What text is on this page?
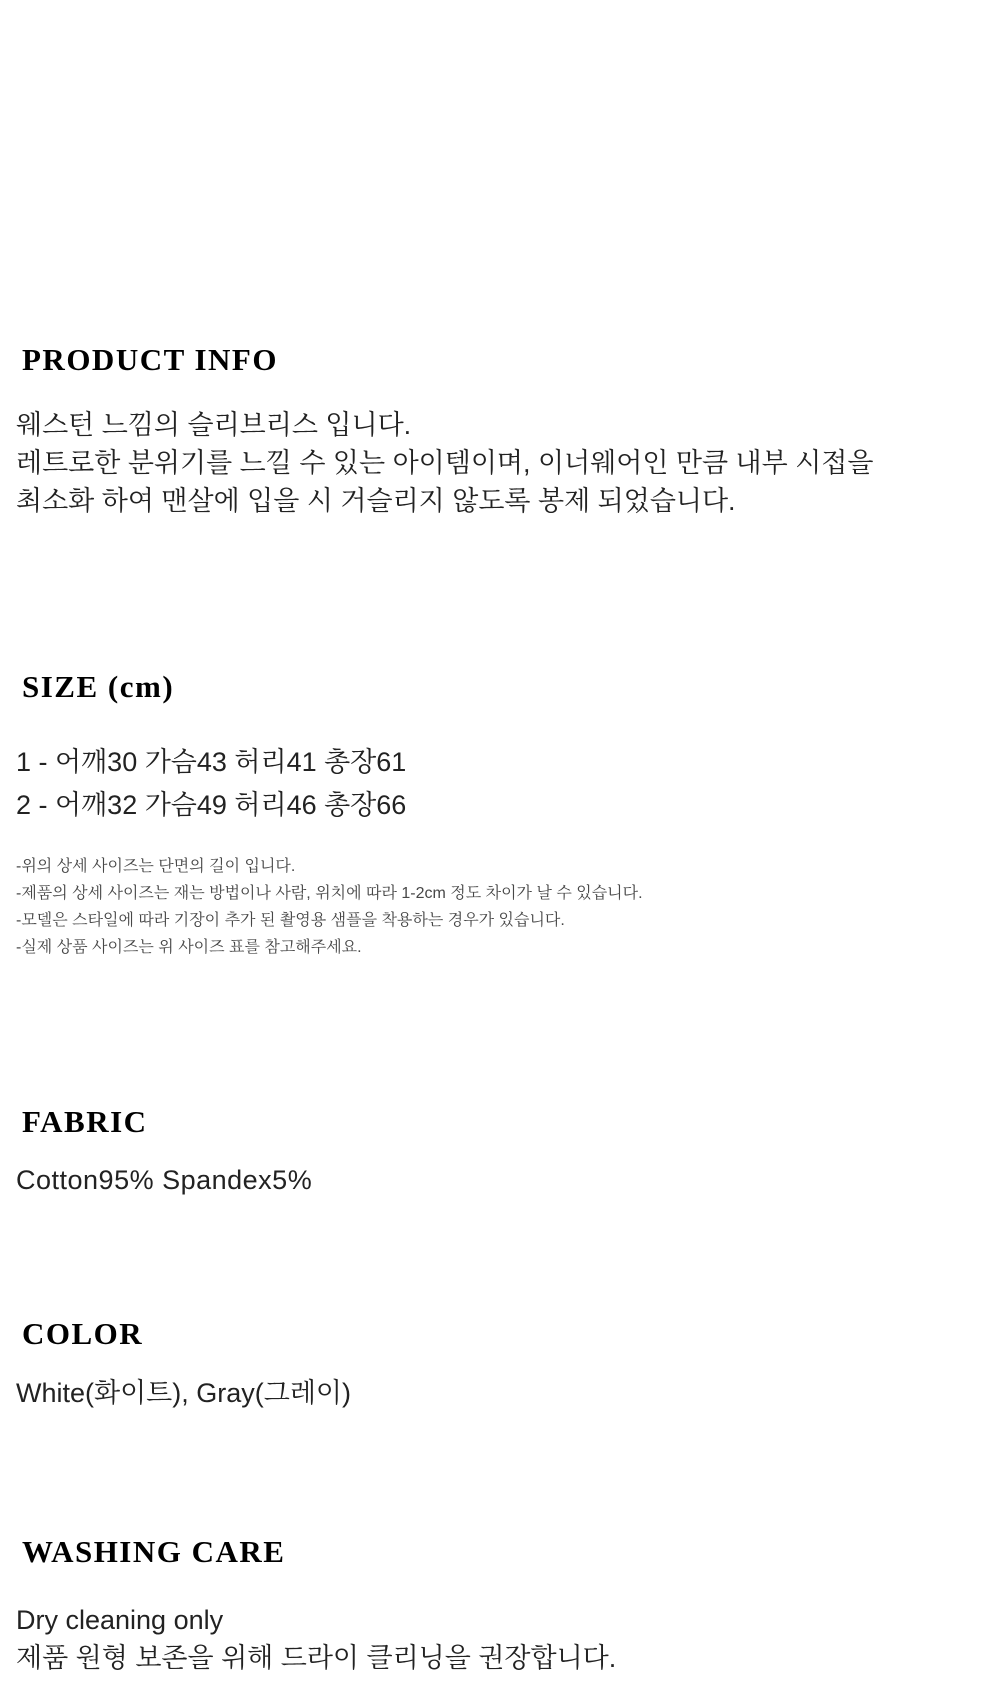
PRODUCT INFO

웨스턴 느낌의 슬리브리스 입니다.
레트로한 분위기를 느낄 수 있는 아이템이며, 이너웨어인 만큼 내부 시접을
최소화 하여 맨살에 입을 시 거슬리지 않도록 봉제 되었습니다.

SIZE (cm)

1 - 어깨30 가슴43 허리41 총장61
2 - 어깨32 가슴49 허리46 총장66

-위의 상세 사이즈는 단면의 길이 입니다.
-제품의 상세 사이즈는 재는 방법이나 사람, 위치에 따라 1-2cm 정도 차이가 날 수 있습니다.
-모델은 스타일에 따라 기장이 추가 된 촬영용 샘플을 착용하는 경우가 있습니다.
-실제 상품 사이즈는 위 사이즈 표를 참고해주세요.

FABRIC

Cotton95% Spandex5%

COLOR

White(화이트), Gray(그레이)

WASHING CARE

Dry cleaning only
제품 원형 보존을 위해 드라이 클리닝을 권장합니다.
